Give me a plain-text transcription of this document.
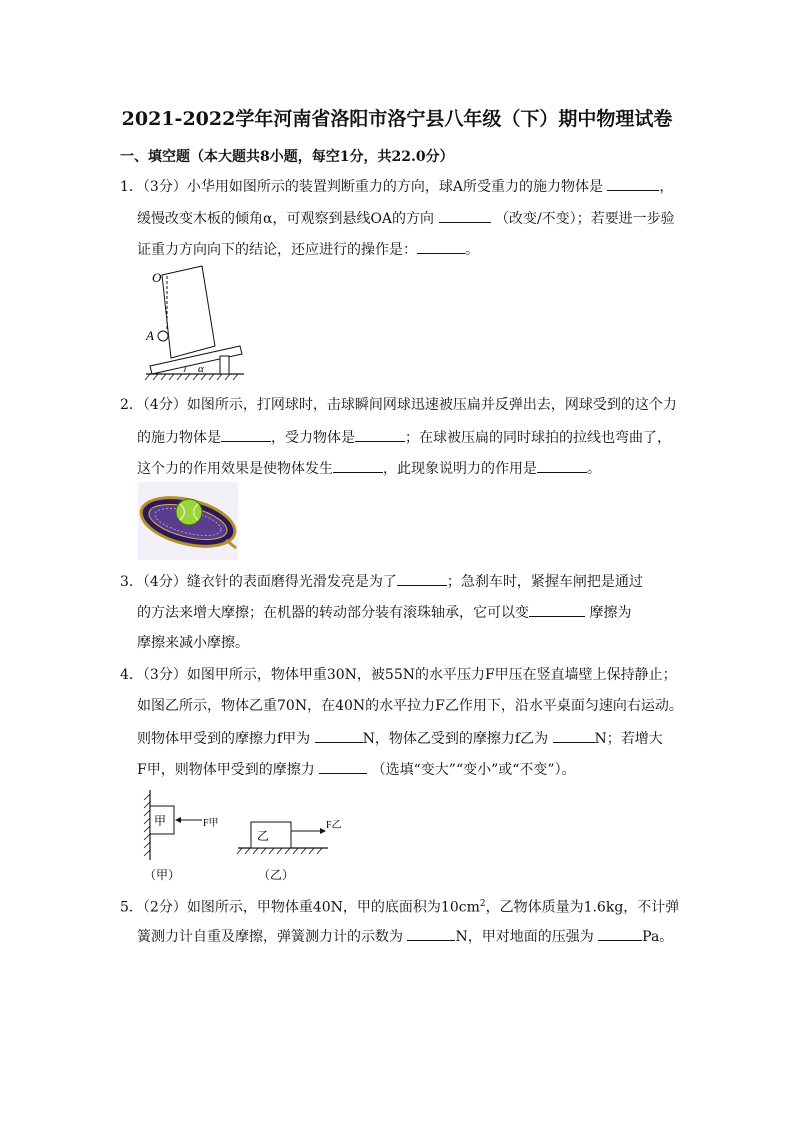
2021-2022学年河南省洛阳市洛宁县八年级（下）期中物理试卷
一、填空题（本大题共8小题，每空1分，共22.0分）
1．（3分）小华用如图所示的装置判断重力的方向，球A所受重力的施力物体是	，
缓慢改变木板的倾角α，可观察到悬线OA的方向	（改变/不变）；若要进一步验
证重力方向向下的结论，还应进行的操作是：	。
O
A
α
2．（4分）如图所示，打网球时，击球瞬间网球迅速被压扁并反弹出去，网球受到的这个力
的施力物体是	，受力物体是	；在球被压扁的同时球拍的拉线也弯曲了，
这个力的作用效果是使物体发生	，此现象说明力的作用是	。
3．（4分）缝衣针的表面磨得光滑发亮是为了	；急刹车时，紧握车闸把是通过
的方法来增大摩擦；在机器的转动部分装有滚珠轴承，它可以变	摩擦为
摩擦来减小摩擦。
4．（3分）如图甲所示，物体甲重30N，被55N的水平压力F甲压在竖直墙壁上保持静止；
如图乙所示，物体乙重70N，在40N的水平拉力F乙作用下，沿水平桌面匀速向右运动。
则物体甲受到的摩擦力f甲为	N，物体乙受到的摩擦力f乙为	N；若增大
F甲，则物体甲受到的摩擦力	（选填“变大”“变小”或“不变”）。
甲	F甲
乙
F乙
（甲）	（乙）
5．（2分）如图所示，甲物体重40N，甲的底面积为$10cm^2$，乙物体质量为1.6kg，不计弹
簧测力计自重及摩擦，弹簧测力计的示数为	N，甲对地面的压强为	Pa。
